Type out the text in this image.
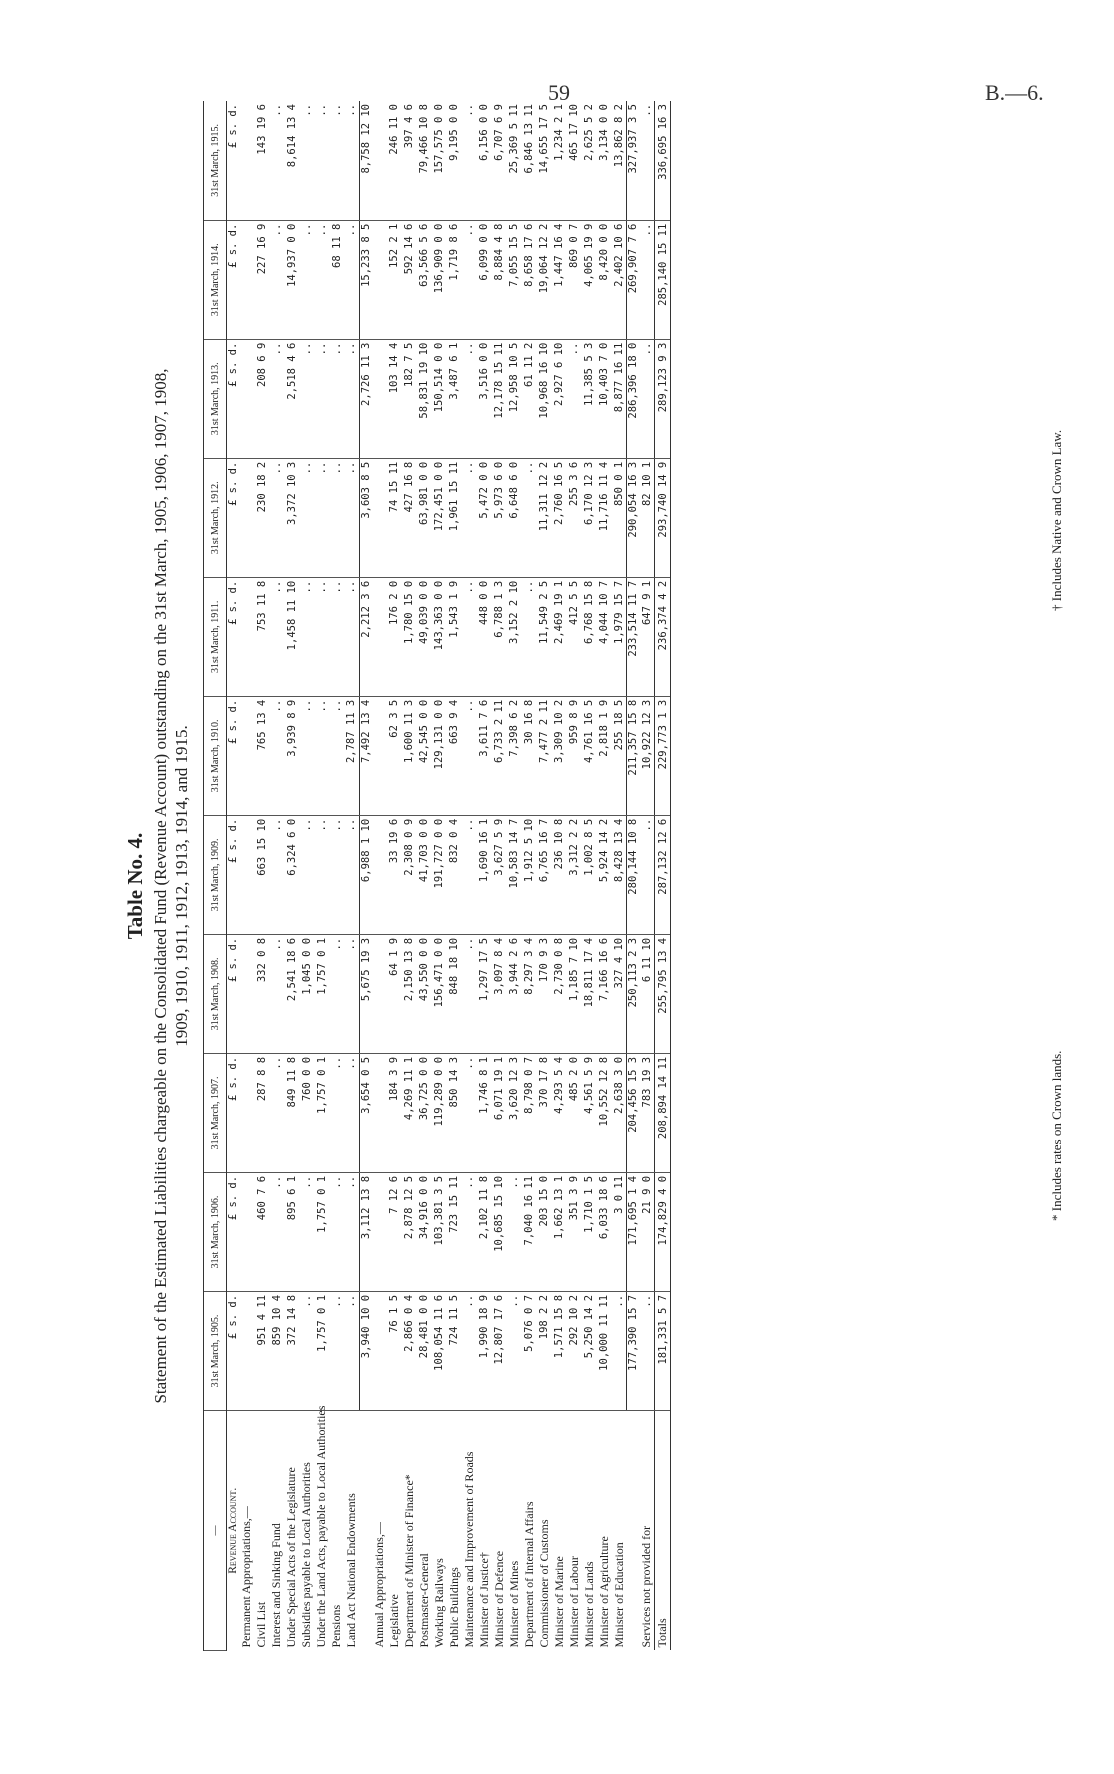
59	B.—6.
Table No. 4. Statement of the Estimated Liabilities chargeable on the Consolidated Fund (Revenue Account) outstanding on the 31st March, 1905, 1906, 1907, 1908, 1909, 1910, 1911, 1912, 1913, 1914, and 1915.
—	31st March, 1905.	31st March, 1906.	31st March, 1907.	31st March, 1908.	31st March, 1909.	31st March, 1910.	31st March, 1911.	31st March, 1912.	31st March, 1913.	31st March, 1914.	31st March, 1915.
Revenue Account.	£ s. d.	£ s. d.	£ s. d.	£ s. d.	£ s. d.	£ s. d.	£ s. d.	£ s. d.	£ s. d.	£ s. d.	£ s. d.
Permanent Appropriations,—											
Civil List	951 4 11	460 7 6	287 8 8	332 0 8	663 15 10	765 13 4	753 11 8	230 18 2	208 6 9	227 16 9	143 19 6
Interest and Sinking Fund	859 10 4	..	..	..	..	..	..	..	..	..	..
Under Special Acts of the Legislature	372 14 8	895 6 1	849 11 8	2,541 18 6	6,324 6 0	3,939 8 9	1,458 11 10	3,372 10 3	2,518 4 6	14,937 0 0	8,614 13 4
Subsidies payable to Local Authorities	..	..	760 0 0	1,045 0 0	..	..	..	..	..	..	..
Under the Land Acts, payable to Local Authorities	1,757 0 1	1,757 0 1	1,757 0 1	1,757 0 1	..	..	..	..	..	..	..
Pensions	..	..	..	..	..	..	..	..	..	68 11 8	..
Land Act National Endowments	..	..	..	..	..	2,787 11 3	..	..	..	..	..
	3,940 10 0	3,112 13 8	3,654 0 5	5,675 19 3	6,988 1 10	7,492 13 4	2,212 3 6	3,603 8 5	2,726 11 3	15,233 8 5	8,758 12 10
Annual Appropriations,—											
Legislative	76 1 5	7 12 6	184 3 9	64 1 9	33 19 6	62 3 5	176 2 0	74 15 11	103 14 4	152 2 1	246 11 0
Department of Minister of Finance*	2,866 0 4	2,878 12 5	4,269 11 1	2,150 13 8	2,308 0 9	1,600 11 3	1,780 15 0	427 16 8	182 7 5	592 14 6	397 4 6
Postmaster-General	28,481 0 0	34,916 0 0	36,725 0 0	43,550 0 0	41,703 0 0	42,545 0 0	49,039 0 0	63,981 0 0	58,831 19 10	63,566 5 6	79,466 10 8
Working Railways	108,054 11 6	103,381 3 5	119,289 0 0	156,471 0 0	191,727 0 0	129,131 0 0	143,363 0 0	172,451 0 0	150,514 0 0	136,909 0 0	157,575 0 0
Public Buildings	724 11 5	723 15 11	850 14 3	848 18 10	832 0 4	663 9 4	1,543 1 9	1,961 15 11	3,487 6 1	1,719 8 6	9,195 0 0
Maintenance and Improvement of Roads	..	..	..	..	..	..	..	..	..	..	..
Minister of Justice†	1,990 18 9	2,102 11 8	1,746 8 1	1,297 17 5	1,690 16 1	3,611 7 6	448 0 0	5,472 0 0	3,516 0 0	6,099 0 0	6,156 0 0
Minister of Defence	12,807 17 6	10,685 15 10	6,071 19 1	3,097 8 4	3,627 5 9	6,733 2 11	6,788 1 3	5,973 6 0	12,178 15 11	8,884 4 8	6,707 6 9
Minister of Mines	..	..	3,620 12 3	3,944 2 6	10,583 14 7	7,398 6 2	3,152 2 10	6,648 6 0	12,958 10 5	7,055 15 5	25,369 5 11
Department of Internal Affairs	5,076 0 7	7,040 16 11	8,798 0 7	8,297 3 4	1,912 5 10	30 16 8	..	..	61 11 2	8,658 17 6	6,846 13 11
Commissioner of Customs	198 2 2	203 15 0	370 17 8	170 9 3	6,765 16 7	7,477 2 11	11,549 2 5	11,311 12 2	10,968 16 10	19,064 12 2	14,655 17 5
Minister of Marine	1,571 15 8	1,662 13 1	4,293 5 4	2,730 0 8	236 10 8	3,309 10 2	2,469 19 1	2,760 16 5	2,927 6 10	1,447 16 4	1,234 2 1
Minister of Labour	292 10 2	351 3 9	485 2 0	1,185 7 10	3,312 2 2	959 8 9	412 5 5	255 3 6	..	869 0 7	465 17 10
Minister of Lands	5,250 14 2	1,710 1 5	4,561 5 9	18,811 17 4	1,002 8 5	4,761 16 5	6,768 15 8	6,170 12 3	11,385 5 3	4,065 19 9	2,625 5 2
Minister of Agriculture	10,000 11 11	6,033 18 6	10,552 12 8	7,166 16 6	5,924 14 2	2,818 1 9	4,044 10 7	11,716 11 4	10,403 7 0	8,420 0 0	3,134 0 0
Minister of Education	..	3 0 11	2,638 3 0	327 4 10	8,428 13 4	255 18 5	1,979 15 7	850 0 1	8,877 16 11	2,402 10 6	13,862 8 2
	177,390 15 7	171,695 1 4	204,456 15 3	250,113 2 3	280,144 10 8	211,357 15 8	233,514 11 7	290,054 16 3	286,396 18 0	269,907 7 6	327,937 3 5
Services not provided for	..	21 9 0	783 19 3	6 11 10	..	10,922 12 3	647 9 1	82 10 1	..	..	..
Totals	181,331 5 7	174,829 4 0	208,894 14 11	255,795 13 4	287,132 12 6	229,773 1 3	236,374 4 2	293,740 14 9	289,123 9 3	285,140 15 11	336,695 16 3
* Includes rates on Crown lands.
† Includes Native and Crown Law.
